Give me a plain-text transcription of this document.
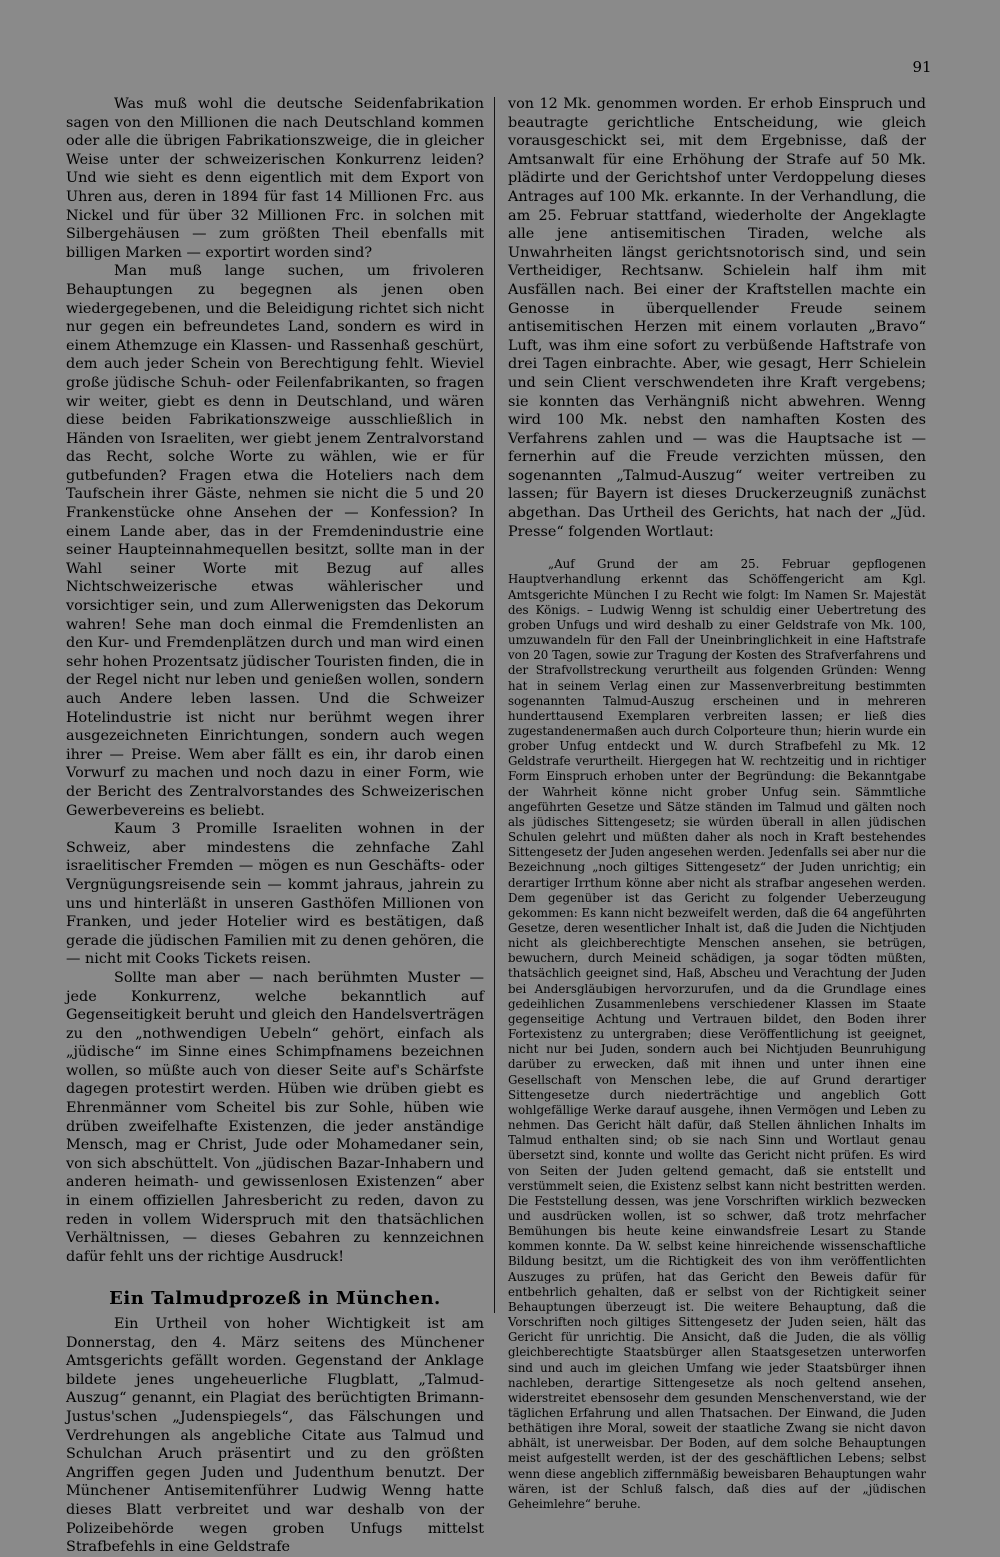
91

Was muß wohl die deutsche Seidenfabrikation sagen von den Millionen die nach Deutschland kommen oder alle die übrigen Fabrikationszweige, die in gleicher Weise unter der schweizerischen Konkurrenz leiden? Und wie sieht es denn eigentlich mit dem Export von Uhren aus, deren in 1894 für fast 14 Millionen Frc. aus Nickel und für über 32 Millionen Frc. in solchen mit Silbergehäusen — zum größten Theil ebenfalls mit billigen Marken — exportirt worden sind?

Man muß lange suchen, um frivoleren Behauptungen zu begegnen als jenen oben wiedergegebenen, und die Beleidigung richtet sich nicht nur gegen ein befreundetes Land, sondern es wird in einem Athemzuge ein Klassen- und Rassenhaß geschürt, dem auch jeder Schein von Berechtigung fehlt. Wieviel große jüdische Schuh- oder Feilenfabrikanten, so fragen wir weiter, giebt es denn in Deutschland, und wären diese beiden Fabrikationszweige ausschließlich in Händen von Israeliten, wer giebt jenem Zentralvorstand das Recht, solche Worte zu wählen, wie er für gutbefunden? Fragen etwa die Hoteliers nach dem Taufschein ihrer Gäste, nehmen sie nicht die 5 und 20 Frankenstücke ohne Ansehen der — Konfession? In einem Lande aber, das in der Fremdenindustrie eine seiner Haupteinnahmequellen besitzt, sollte man in der Wahl seiner Worte mit Bezug auf alles Nichtschweizerische etwas wählerischer und vorsichtiger sein, und zum Allerwenigsten das Dekorum wahren! Sehe man doch einmal die Fremdenlisten an den Kur- und Fremdenplätzen durch und man wird einen sehr hohen Prozentsatz jüdischer Touristen finden, die in der Regel nicht nur leben und genießen wollen, sondern auch Andere leben lassen. Und die Schweizer Hotelindustrie ist nicht nur berühmt wegen ihrer ausgezeichneten Einrichtungen, sondern auch wegen ihrer — Preise. Wem aber fällt es ein, ihr darob einen Vorwurf zu machen und noch dazu in einer Form, wie der Bericht des Zentralvorstandes des Schweizerischen Gewerbevereins es beliebt.

Kaum 3 Promille Israeliten wohnen in der Schweiz, aber mindestens die zehnfache Zahl israelitischer Fremden — mögen es nun Geschäfts- oder Vergnügungsreisende sein — kommt jahraus, jahrein zu uns und hinterläßt in unseren Gasthöfen Millionen von Franken, und jeder Hotelier wird es bestätigen, daß gerade die jüdischen Familien mit zu denen gehören, die — nicht mit Cooks Tickets reisen.

Sollte man aber — nach berühmten Muster — jede Konkurrenz, welche bekanntlich auf Gegenseitigkeit beruht und gleich den Handelsverträgen zu den „nothwendigen Uebeln“ gehört, einfach als „jüdische“ im Sinne eines Schimpfnamens bezeichnen wollen, so müßte auch von dieser Seite auf's Schärfste dagegen protestirt werden. Hüben wie drüben giebt es Ehrenmänner vom Scheitel bis zur Sohle, hüben wie drüben zweifelhafte Existenzen, die jeder anständige Mensch, mag er Christ, Jude oder Mohamedaner sein, von sich abschüttelt. Von „jüdischen Bazar-Inhabern und anderen heimath- und gewissenlosen Existenzen“ aber in einem offiziellen Jahresbericht zu reden, davon zu reden in vollem Widerspruch mit den thatsächlichen Verhältnissen, — dieses Gebahren zu kennzeichnen dafür fehlt uns der richtige Ausdruck!

Ein Talmudprozeß in München.

Ein Urtheil von hoher Wichtigkeit ist am Donnerstag, den 4. März seitens des Münchener Amtsgerichts gefällt worden. Gegenstand der Anklage bildete jenes ungeheuerliche Flugblatt, „Talmud-Auszug“ genannt, ein Plagiat des berüchtigten Brimann-Justus'schen „Judenspiegels“, das Fälschungen und Verdrehungen als angebliche Citate aus Talmud und Schulchan Aruch präsentirt und zu den größten Angriffen gegen Juden und Judenthum benutzt. Der Münchener Antisemitenführer Ludwig Wenng hatte dieses Blatt verbreitet und war deshalb von der Polizeibehörde wegen groben Unfugs mittelst Strafbefehls in eine Geldstrafe

von 12 Mk. genommen worden. Er erhob Einspruch und beautragte gerichtliche Entscheidung, wie gleich vorausgeschickt sei, mit dem Ergebnisse, daß der Amtsanwalt für eine Erhöhung der Strafe auf 50 Mk. plädirte und der Gerichtshof unter Verdoppelung dieses Antrages auf 100 Mk. erkannte. In der Verhandlung, die am 25. Februar stattfand, wiederholte der Angeklagte alle jene antisemitischen Tiraden, welche als Unwahrheiten längst gerichtsnotorisch sind, und sein Vertheidiger, Rechtsanw. Schielein half ihm mit Ausfällen nach. Bei einer der Kraftstellen machte ein Genosse in überquellender Freude seinem antisemitischen Herzen mit einem vorlauten „Bravo“ Luft, was ihm eine sofort zu verbüßende Haftstrafe von drei Tagen einbrachte. Aber, wie gesagt, Herr Schielein und sein Client verschwendeten ihre Kraft vergebens; sie konnten das Verhängniß nicht abwehren. Wenng wird 100 Mk. nebst den namhaften Kosten des Verfahrens zahlen und — was die Hauptsache ist — fernerhin auf die Freude verzichten müssen, den sogenannten „Talmud-Auszug“ weiter vertreiben zu lassen; für Bayern ist dieses Druckerzeugniß zunächst abgethan. Das Urtheil des Gerichts, hat nach der „Jüd. Presse“ folgenden Wortlaut:

„Auf Grund der am 25. Februar gepflogenen Hauptverhandlung erkennt das Schöffengericht am Kgl. Amtsgerichte München I zu Recht wie folgt: Im Namen Sr. Majestät des Königs. – Ludwig Wenng ist schuldig einer Uebertretung des groben Unfugs und wird deshalb zu einer Geldstrafe von Mk. 100, umzuwandeln für den Fall der Uneinbringlichkeit in eine Haftstrafe von 20 Tagen, sowie zur Tragung der Kosten des Strafverfahrens und der Strafvollstreckung verurtheilt aus folgenden Gründen: Wenng hat in seinem Verlag einen zur Massenverbreitung bestimmten sogenannten Talmud-Auszug erscheinen und in mehreren hunderttausend Exemplaren verbreiten lassen; er ließ dies zugestandenermaßen auch durch Colporteure thun; hierin wurde ein grober Unfug entdeckt und W. durch Strafbefehl zu Mk. 12 Geldstrafe verurtheilt. Hiergegen hat W. rechtzeitig und in richtiger Form Einspruch erhoben unter der Begründung: die Bekanntgabe der Wahrheit könne nicht grober Unfug sein. Sämmtliche angeführten Gesetze und Sätze ständen im Talmud und gälten noch als jüdisches Sittengesetz; sie würden überall in allen jüdischen Schulen gelehrt und müßten daher als noch in Kraft bestehendes Sittengesetz der Juden angesehen werden. Jedenfalls sei aber nur die Bezeichnung „noch giltiges Sittengesetz“ der Juden unrichtig; ein derartiger Irrthum könne aber nicht als strafbar angesehen werden. Dem gegenüber ist das Gericht zu folgender Ueberzeugung gekommen: Es kann nicht bezweifelt werden, daß die 64 angeführten Gesetze, deren wesentlicher Inhalt ist, daß die Juden die Nichtjuden nicht als gleichberechtigte Menschen ansehen, sie betrügen, bewuchern, durch Meineid schädigen, ja sogar tödten müßten, thatsächlich geeignet sind, Haß, Abscheu und Verachtung der Juden bei Andersgläubigen hervorzurufen, und da die Grundlage eines gedeihlichen Zusammenlebens verschiedener Klassen im Staate gegenseitige Achtung und Vertrauen bildet, den Boden ihrer Fortexistenz zu untergraben; diese Veröffentlichung ist geeignet, nicht nur bei Juden, sondern auch bei Nichtjuden Beunruhigung darüber zu erwecken, daß mit ihnen und unter ihnen eine Gesellschaft von Menschen lebe, die auf Grund derartiger Sittengesetze durch niederträchtige und angeblich Gott wohlgefällige Werke darauf ausgehe, ihnen Vermögen und Leben zu nehmen. Das Gericht hält dafür, daß Stellen ähnlichen Inhalts im Talmud enthalten sind; ob sie nach Sinn und Wortlaut genau übersetzt sind, konnte und wollte das Gericht nicht prüfen. Es wird von Seiten der Juden geltend gemacht, daß sie entstellt und verstümmelt seien, die Existenz selbst kann nicht bestritten werden. Die Feststellung dessen, was jene Vorschriften wirklich bezwecken und ausdrücken wollen, ist so schwer, daß trotz mehrfacher Bemühungen bis heute keine einwandsfreie Lesart zu Stande kommen konnte. Da W. selbst keine hinreichende wissenschaftliche Bildung besitzt, um die Richtigkeit des von ihm veröffentlichten Auszuges zu prüfen, hat das Gericht den Beweis dafür für entbehrlich gehalten, daß er selbst von der Richtigkeit seiner Behauptungen überzeugt ist. Die weitere Behauptung, daß die Vorschriften noch giltiges Sittengesetz der Juden seien, hält das Gericht für unrichtig. Die Ansicht, daß die Juden, die als völlig gleichberechtigte Staatsbürger allen Staatsgesetzen unterworfen sind und auch im gleichen Umfang wie jeder Staatsbürger ihnen nachleben, derartige Sittengesetze als noch geltend ansehen, widerstreitet ebensosehr dem gesunden Menschenverstand, wie der täglichen Erfahrung und allen Thatsachen. Der Einwand, die Juden bethätigen ihre Moral, soweit der staatliche Zwang sie nicht davon abhält, ist unerweisbar. Der Boden, auf dem solche Behauptungen meist aufgestellt werden, ist der des geschäftlichen Lebens; selbst wenn diese angeblich ziffernmäßig beweisbaren Behauptungen wahr wären, ist der Schluß falsch, daß dies auf der „jüdischen Geheimlehre“ beruhe.
